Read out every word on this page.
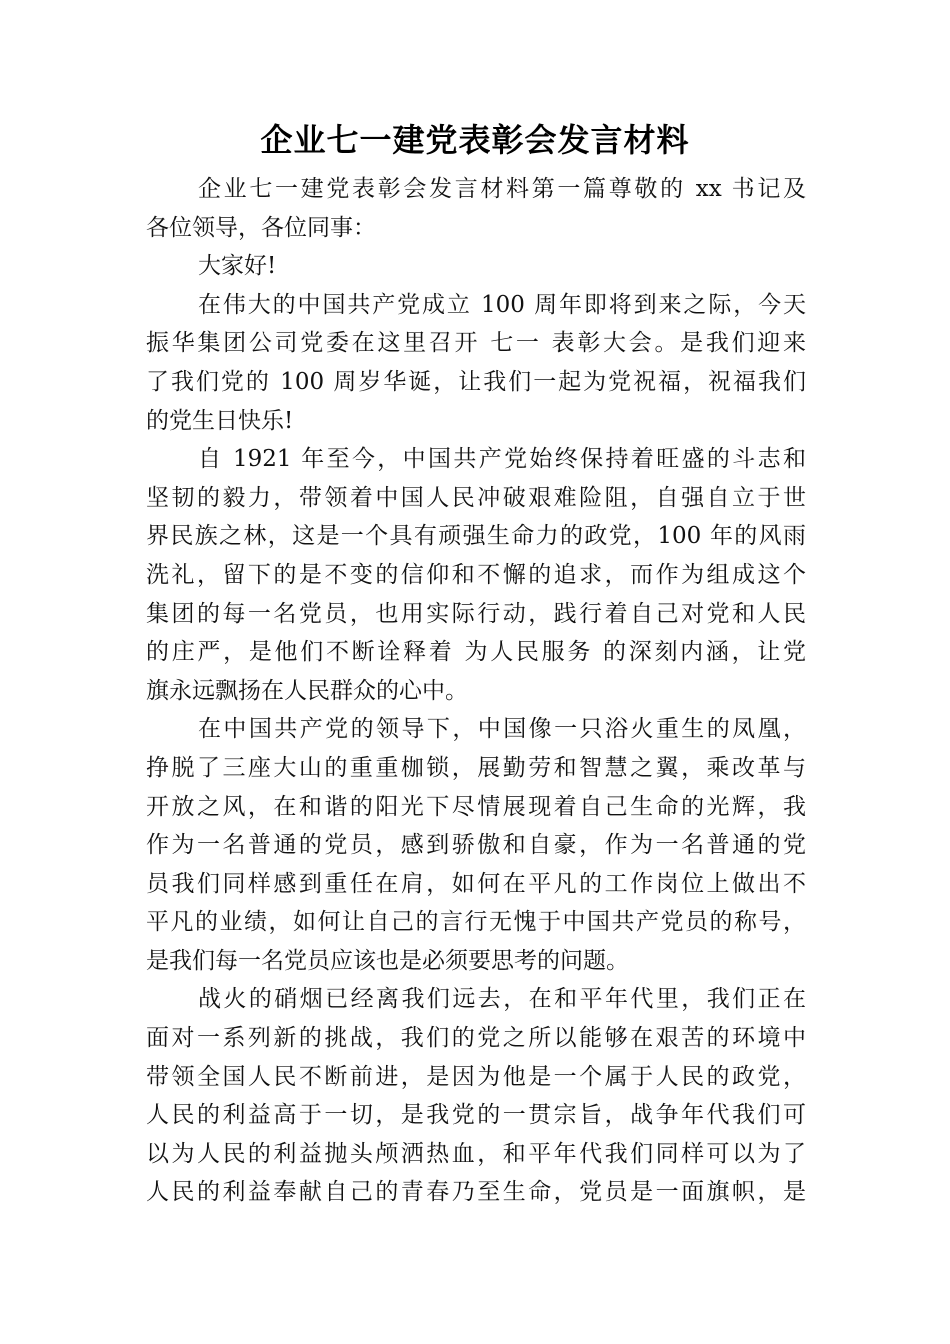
企业七一建党表彰会发言材料
企业七一建党表彰会发言材料第一篇尊敬的 xx 书记及
各位领导，各位同事：
大家好!
在伟大的中国共产党成立 100 周年即将到来之际，今天
振华集团公司党委在这里召开 七一 表彰大会。是我们迎来
了我们党的 100 周岁华诞，让我们一起为党祝福，祝福我们
的党生日快乐!
自 1921 年至今，中国共产党始终保持着旺盛的斗志和
坚韧的毅力，带领着中国人民冲破艰难险阻，自强自立于世
界民族之林，这是一个具有顽强生命力的政党，100 年的风雨
洗礼，留下的是不变的信仰和不懈的追求，而作为组成这个
集团的每一名党员，也用实际行动，践行着自己对党和人民
的庄严，是他们不断诠释着 为人民服务 的深刻内涵，让党
旗永远飘扬在人民群众的心中。
在中国共产党的领导下，中国像一只浴火重生的凤凰，
挣脱了三座大山的重重枷锁，展勤劳和智慧之翼，乘改革与
开放之风，在和谐的阳光下尽情展现着自己生命的光辉，我
作为一名普通的党员，感到骄傲和自豪，作为一名普通的党
员我们同样感到重任在肩，如何在平凡的工作岗位上做出不
平凡的业绩，如何让自己的言行无愧于中国共产党员的称号，
是我们每一名党员应该也是必须要思考的问题。
战火的硝烟已经离我们远去，在和平年代里，我们正在
面对一系列新的挑战，我们的党之所以能够在艰苦的环境中
带领全国人民不断前进，是因为他是一个属于人民的政党，
人民的利益高于一切，是我党的一贯宗旨，战争年代我们可
以为人民的利益抛头颅洒热血，和平年代我们同样可以为了
人民的利益奉献自己的青春乃至生命，党员是一面旗帜，是
